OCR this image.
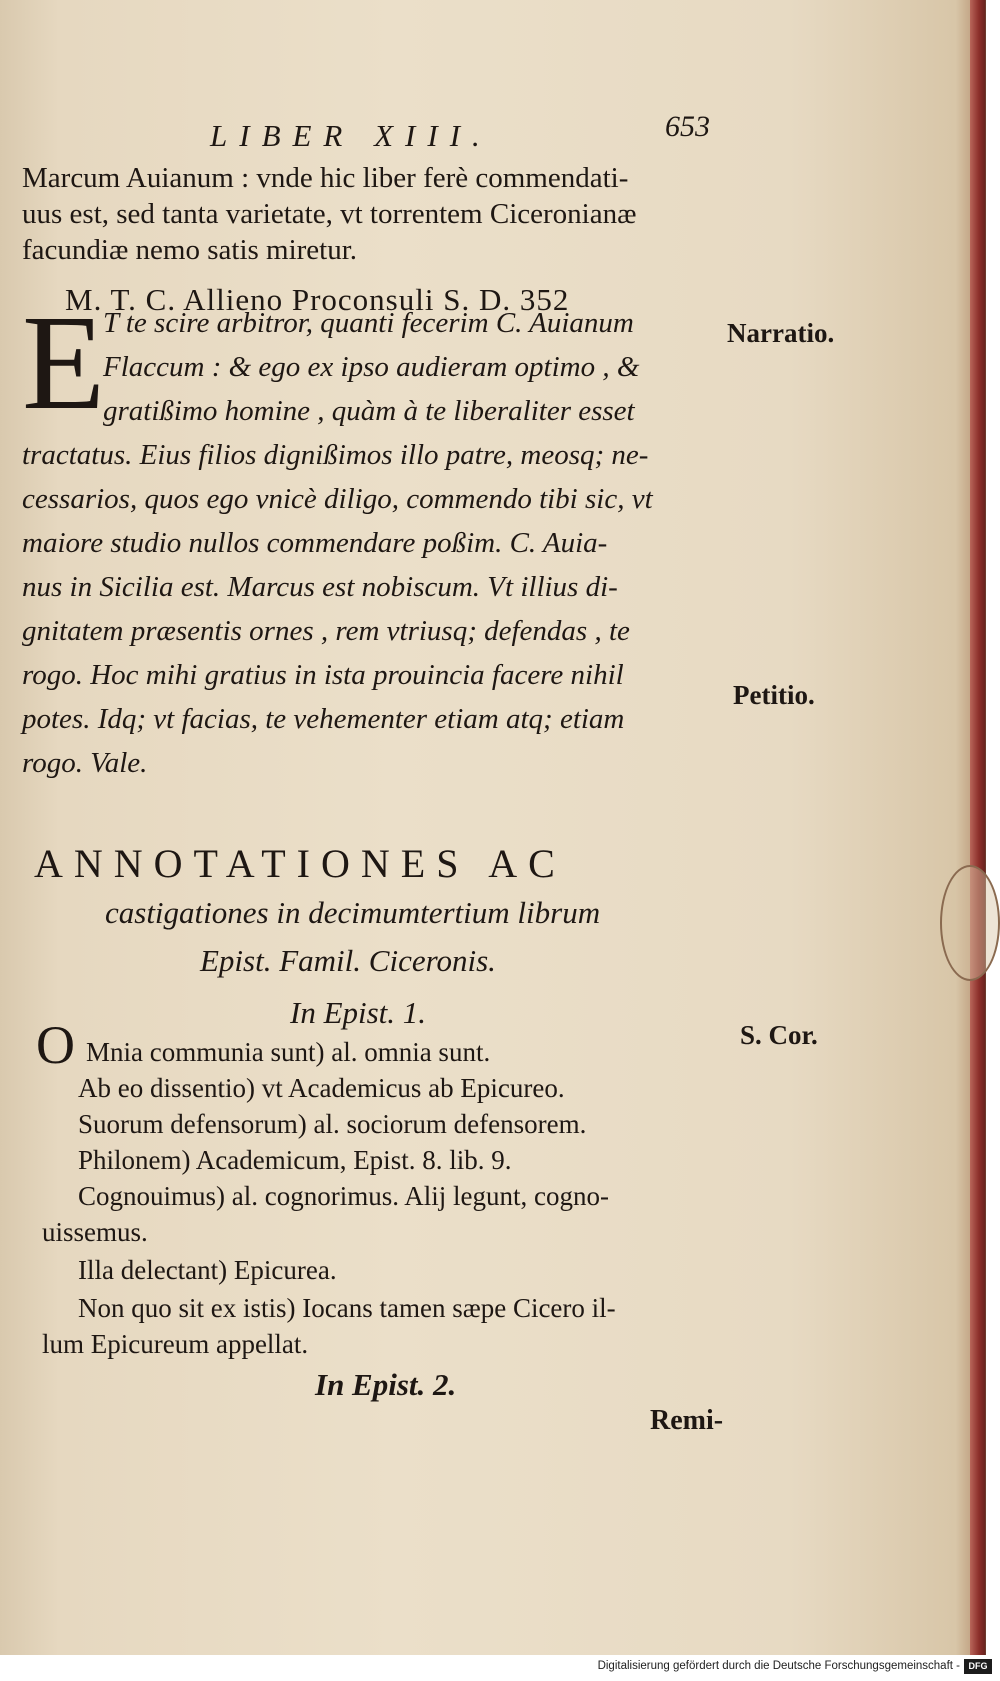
LIBER XIII.	653
Marcum Auianum : vnde hic liber ferè commendati-
uus est, sed tanta varietate, vt torrentem Ciceronianæ
facundiæ nemo satis miretur.
M. T. C. Allieno Proconsuli S. D. 352
E
T te scire arbitror, quanti fecerim C. Auianum
Flaccum : & ego ex ipso audieram optimo , &
gratißimo homine , quàm à te liberaliter esset
tractatus. Eius filios dignißimos illo patre, meosq; ne-
cessarios, quos ego vnicè diligo, commendo tibi sic, vt
maiore studio nullos commendare poßim. C. Auia-
nus in Sicilia est. Marcus est nobiscum. Vt illius di-
gnitatem præsentis ornes , rem vtriusq; defendas , te
rogo. Hoc mihi gratius in ista prouincia facere nihil
potes. Idq; vt facias, te vehementer etiam atq; etiam
rogo. Vale.
Narratio.
Petitio.
ANNOTATIONES AC
castigationes in decimumtertium librum
Epist. Famil. Ciceronis.
In Epist. 1.
S. Cor.
O Mnia communia sunt) al. omnia sunt.
Ab eo dissentio) vt Academicus ab Epicureo.
Suorum defensorum) al. sociorum defensorem.
Philonem) Academicum, Epist. 8. lib. 9.
Cognouimus) al. cognorimus. Alij legunt, cogno-
uissemus.
Illa delectant) Epicurea.
Non quo sit ex istis) Iocans tamen sæpe Cicero il-
lum Epicureum appellat.
In Epist. 2.
Remi-
Digitalisierung gefördert durch die Deutsche Forschungsgemeinschaft - DFG
